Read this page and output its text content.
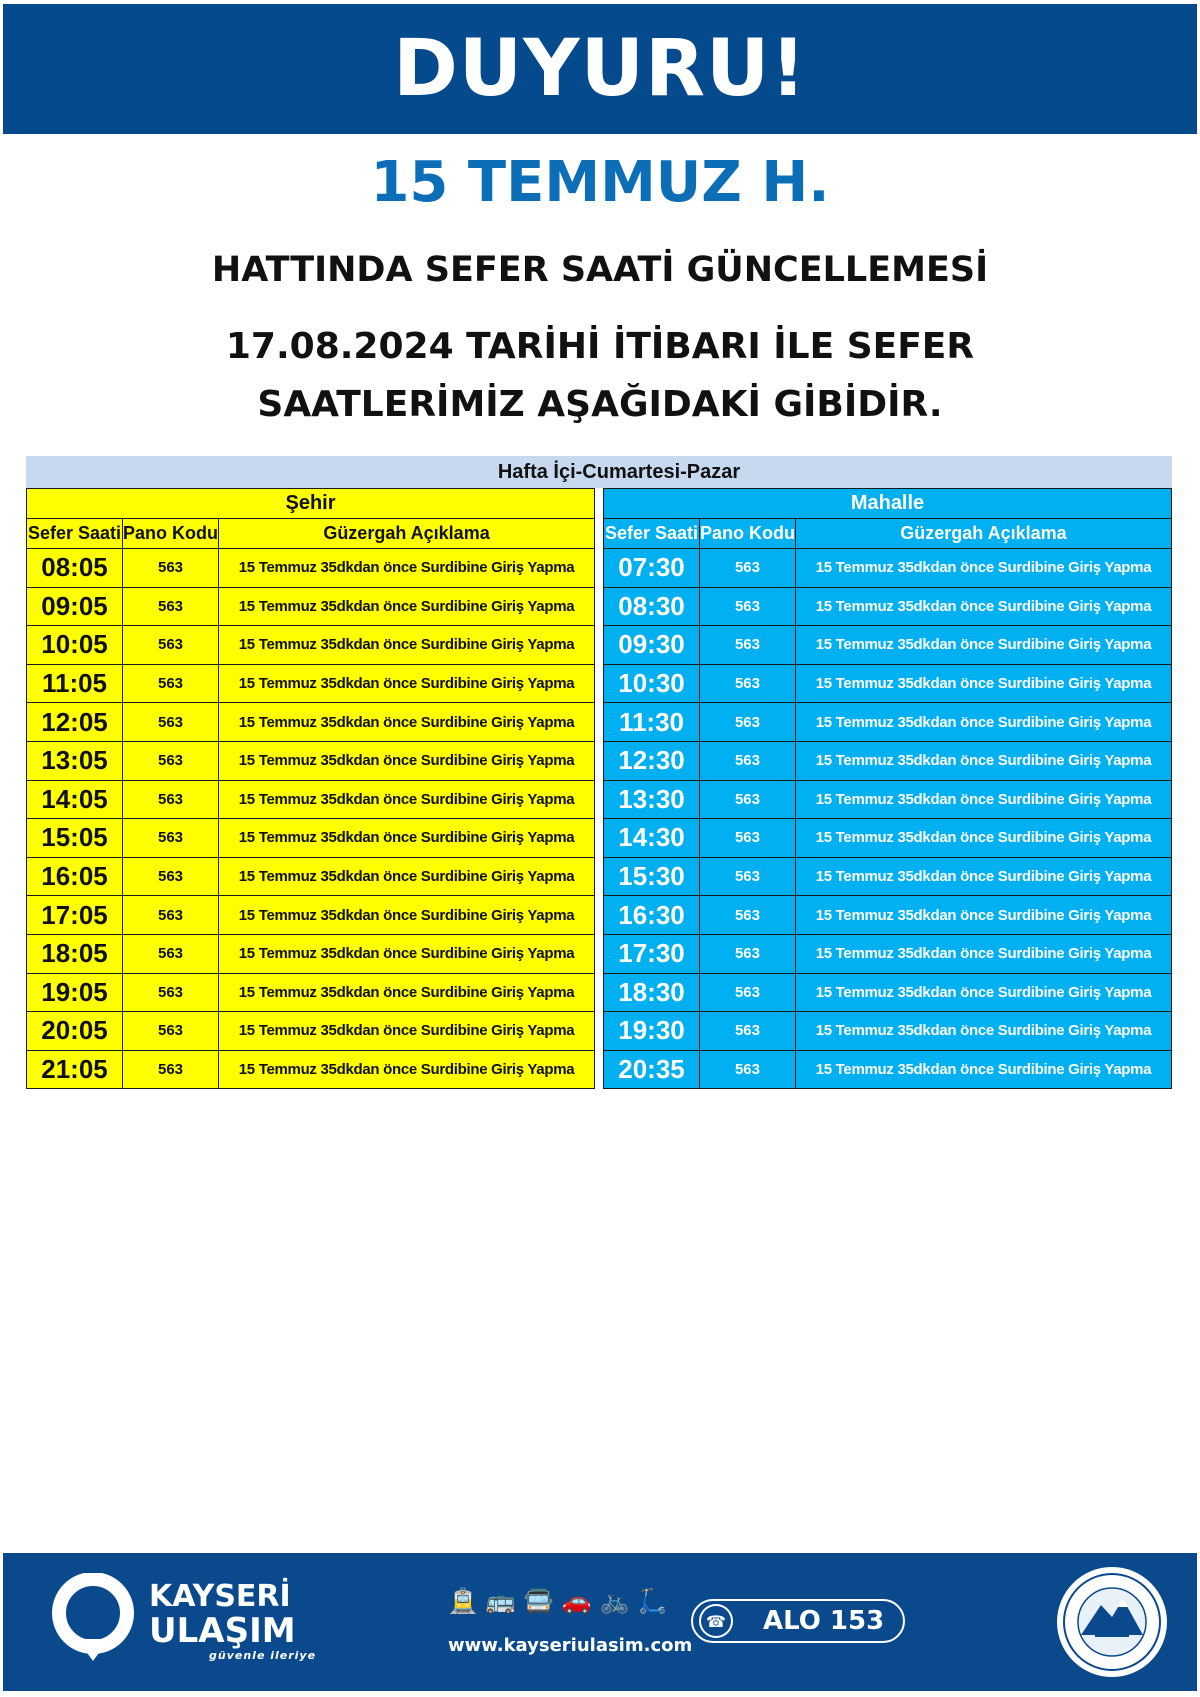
DUYURU!
15 TEMMUZ H.

HATTINDA SEFER SAATİ GÜNCELLEMESİ

17.08.2024 TARİHİ İTİBARI İLE SEFER
SAATLERİMİZ AŞAĞIDAKİ GİBİDİR.

Hafta İçi-Cumartesi-Pazar
Şehir		
Sefer Saati	Pano Kodu	Güzergah Açıklama
08:05	563	15 Temmuz 35dkdan önce Surdibine Giriş Yapma
09:05	563	15 Temmuz 35dkdan önce Surdibine Giriş Yapma
10:05	563	15 Temmuz 35dkdan önce Surdibine Giriş Yapma
11:05	563	15 Temmuz 35dkdan önce Surdibine Giriş Yapma
12:05	563	15 Temmuz 35dkdan önce Surdibine Giriş Yapma
13:05	563	15 Temmuz 35dkdan önce Surdibine Giriş Yapma
14:05	563	15 Temmuz 35dkdan önce Surdibine Giriş Yapma
15:05	563	15 Temmuz 35dkdan önce Surdibine Giriş Yapma
16:05	563	15 Temmuz 35dkdan önce Surdibine Giriş Yapma
17:05	563	15 Temmuz 35dkdan önce Surdibine Giriş Yapma
18:05	563	15 Temmuz 35dkdan önce Surdibine Giriş Yapma
19:05	563	15 Temmuz 35dkdan önce Surdibine Giriş Yapma
20:05	563	15 Temmuz 35dkdan önce Surdibine Giriş Yapma
21:05	563	15 Temmuz 35dkdan önce Surdibine Giriş Yapma
Mahalle		
Sefer Saati	Pano Kodu	Güzergah Açıklama
07:30	563	15 Temmuz 35dkdan önce Surdibine Giriş Yapma
08:30	563	15 Temmuz 35dkdan önce Surdibine Giriş Yapma
09:30	563	15 Temmuz 35dkdan önce Surdibine Giriş Yapma
10:30	563	15 Temmuz 35dkdan önce Surdibine Giriş Yapma
11:30	563	15 Temmuz 35dkdan önce Surdibine Giriş Yapma
12:30	563	15 Temmuz 35dkdan önce Surdibine Giriş Yapma
13:30	563	15 Temmuz 35dkdan önce Surdibine Giriş Yapma
14:30	563	15 Temmuz 35dkdan önce Surdibine Giriş Yapma
15:30	563	15 Temmuz 35dkdan önce Surdibine Giriş Yapma
16:30	563	15 Temmuz 35dkdan önce Surdibine Giriş Yapma
17:30	563	15 Temmuz 35dkdan önce Surdibine Giriş Yapma
18:30	563	15 Temmuz 35dkdan önce Surdibine Giriş Yapma
19:30	563	15 Temmuz 35dkdan önce Surdibine Giriş Yapma
20:35	563	15 Temmuz 35dkdan önce Surdibine Giriş Yapma
KAYSERİ
ULAŞIM
güvenle ileriye
🚊 🚌 🚍 🚗 🚲 🛴
www.kayseriulasim.com
☎ ALO 153
